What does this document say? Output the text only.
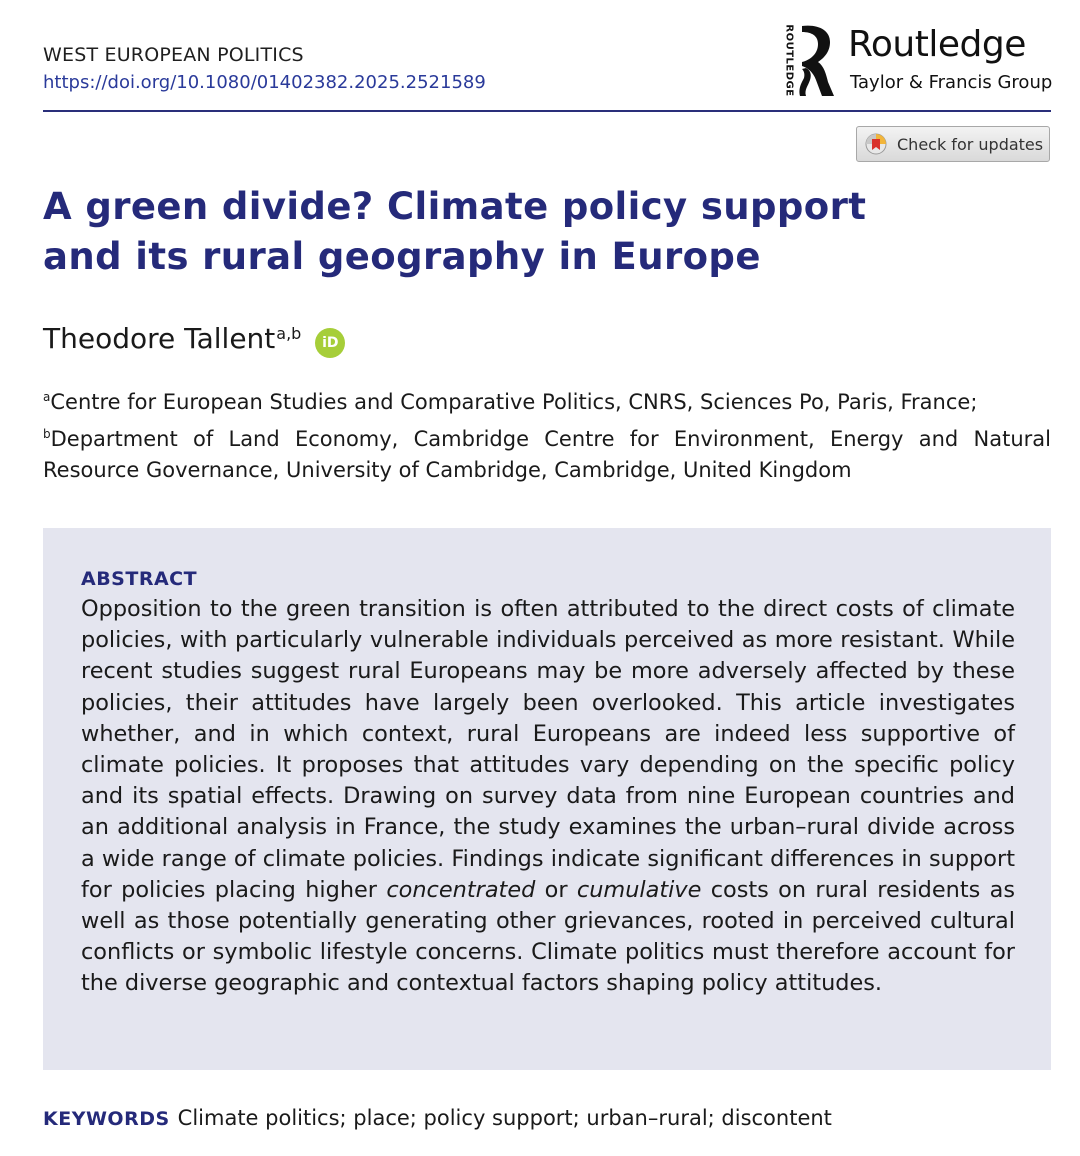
WEST EUROPEAN POLITICS
https://doi.org/10.1080/01402382.2025.2521589	ROUTLEDGE Routledge
Taylor & Francis Group
Check for updates
A green divide? Climate policy support and its rural geography in Europe
Theodore Tallent$^{a,b}$	iD
$^a$Centre for European Studies and Comparative Politics, CNRS, Sciences Po, Paris, France;
$^b$Department of Land Economy, Cambridge Centre for Environment, Energy and Natural Resource Governance, University of Cambridge, Cambridge, United Kingdom
ABSTRACT

Opposition to the green transition is often attributed to the direct costs of climate policies, with particularly vulnerable individuals perceived as more resistant. While recent studies suggest rural Europeans may be more adversely affected by these policies, their attitudes have largely been overlooked. This article investigates whether, and in which context, rural Europeans are indeed less supportive of climate policies. It proposes that attitudes vary depending on the specific policy and its spatial effects. Drawing on survey data from nine European countries and an additional analysis in France, the study examines the urban–rural divide across a wide range of climate policies. Findings indicate significant differences in support for policies placing higher concentrated or cumulative costs on rural residents as well as those potentially generating other grievances, rooted in perceived cultural conflicts or symbolic lifestyle concerns. Climate politics must therefore account for the diverse geographic and contextual factors shaping policy attitudes.

KEYWORDS Climate politics; place; policy support; urban–rural; discontent
